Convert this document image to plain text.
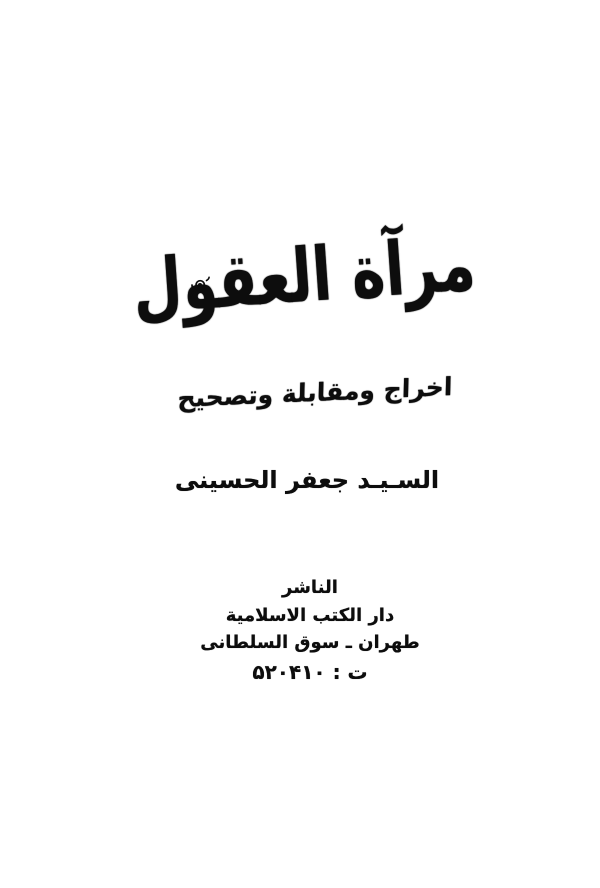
مرآة العقول
اخراج ومقابلة وتصحيح
السـيـد جعفر الحسينى
الناشر
دار الكتب الاسلامية
طهران ـ سوق السلطانى
ت : ۵۲۰۴۱۰
